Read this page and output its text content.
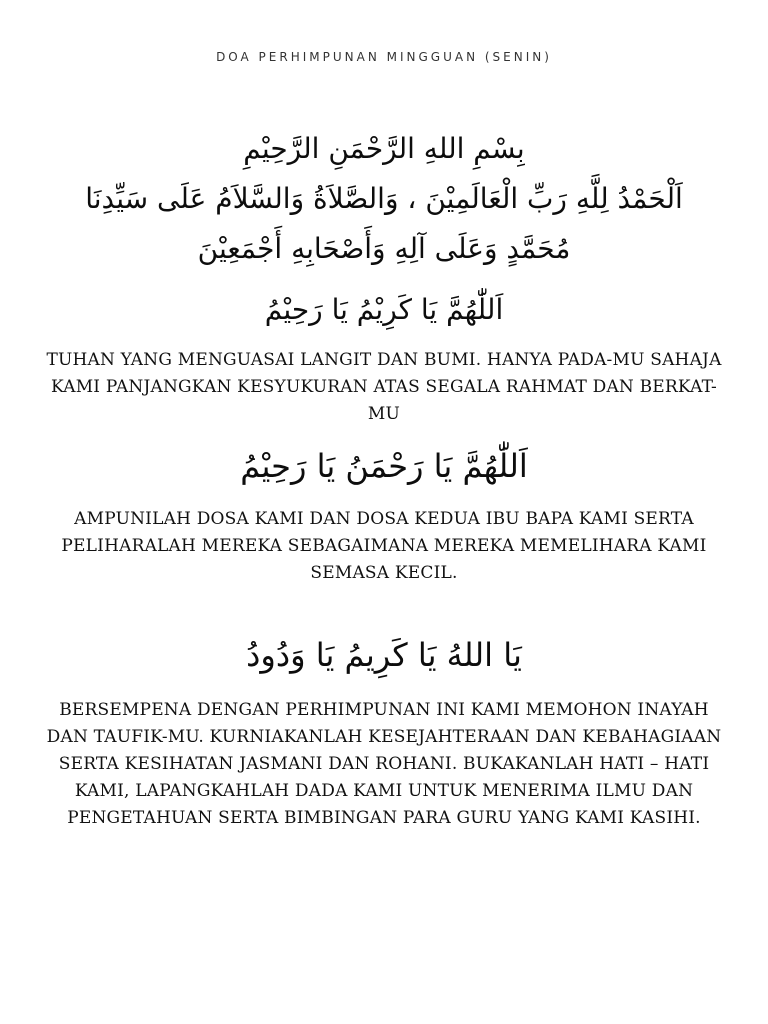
DOA PERHIMPUNAN MINGGUAN (SENIN)

بِسْمِ اللهِ الرَّحْمَنِ الرَّحِيْمِ

اَلْحَمْدُ لِلَّهِ رَبِّ الْعَالَمِيْنَ ، وَالصَّلاَةُ وَالسَّلاَمُ عَلَى سَيِّدِنَا

مُحَمَّدٍ وَعَلَى آلِهِ وَأَصْحَابِهِ أَجْمَعِيْنَ

اَللّٰهُمَّ يَا كَرِيْمُ يَا رَحِيْمُ

TUHAN YANG MENGUASAI LANGIT DAN BUMI. HANYA PADA-MU SAHAJA KAMI PANJANGKAN KESYUKURAN ATAS SEGALA RAHMAT DAN BERKAT-MU

اَللّٰهُمَّ يَا رَحْمَنُ يَا رَحِيْمُ

AMPUNILAH DOSA KAMI DAN DOSA KEDUA IBU BAPA KAMI SERTA PELIHARALAH MEREKA SEBAGAIMANA MEREKA MEMELIHARA KAMI SEMASA KECIL.

يَا اللهُ يَا كَرِيمُ يَا وَدُودُ

BERSEMPENA DENGAN PERHIMPUNAN INI KAMI MEMOHON INAYAH DAN TAUFIK-MU. KURNIAKANLAH KESEJAHTERAAN DAN KEBAHAGIAAN SERTA KESIHATAN JASMANI DAN ROHANI. BUKAKANLAH HATI – HATI KAMI, LAPANGKAHLAH DADA KAMI UNTUK MENERIMA ILMU DAN PENGETAHUAN SERTA BIMBINGAN PARA GURU YANG KAMI KASIHI.
